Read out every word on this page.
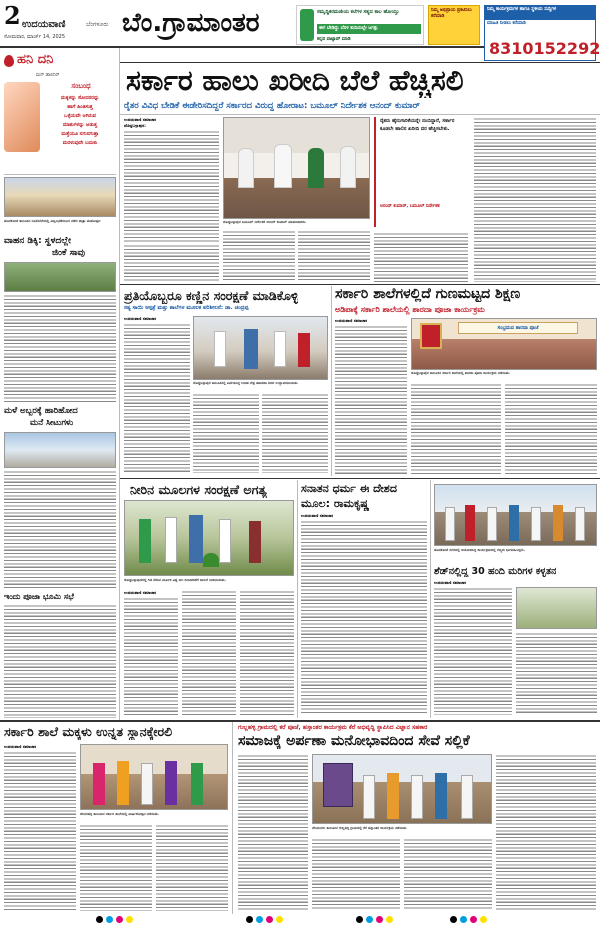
2 ಉದಯವಾಣಿ	ಬೆಂಗಳೂರು
ಸೋಮವಾರ, ಮಾರ್ಚ್ 14, 2025 ಬೆಂ.ಗ್ರಾಮಾಂತರ	ಸಮೃದ್ಧಿಕರಮಣೀಯ ಕಲೆಗಳ ಸತ್ಯದ ಕಾಲ ಹೋಯ್ತು
ಈಗ ಬೇಡಿದ್ದು ಬೆರಳ ತುದಿಯಲ್ಲೇ ಜಗತ್ತು
ಕನ್ನಡ ವಾಟ್ಸಾಪ್ ಮಾಡಿ
ನಿಮ್ಮ ಅಭಿಪ್ರಾಯ ಪ್ರಕಟಿಸಲು ಕರೆಮಾಡಿ
ನಿಮ್ಮ ಕಾರ್ಯಕ್ರಮಗಳ ಹಾಗೂ ಸ್ಥಳೀಯ ಸುದ್ದಿಗಳ
ಮಾಹಿತಿ ನೀಡಲು ಕರೆಮಾಡಿ
8310152292
ಹನಿ ದನಿ
ಮನ್ ಡಾಲಿನಿರ್
ಸಂಬಂಧ
ಮಕ್ಕಳನ್ನು ಸೋದರರನ್ನು
ಹಾಗೆ ಹಿಂತಿಸುತ್ತ
ಒಳ್ಳೆಯದೇ ಆಗಿರುವ
ಮಾತುಗಳನ್ನು ಆಡುತ್ತ
ಮತ್ತೆಯೂ ನಗುನಗುತ್ತಾ
ಮರಳುವುದೇ ಬದುಕು
ಹೊಸಕೋಟೆ ತಾಲೂಕಿನ ಸೂಲಿಬೆಲೆಯಲ್ಲಿ ವಿಜೃಂಭಣೆಯಿಂದ ನಡೆದ ಜಾತ್ರಾ ಮಹೋತ್ಸವ
ವಾಹನ ಡಿಕ್ಕಿ: ಸ್ಥಳದಲ್ಲೇ
ಜಿಂಕೆ ಸಾವು
ಮಳೆ ಅಬ್ಬರಕ್ಕೆ ಹಾರಿಹೋದ
ಮನೆ ಸೀಟುಗಳು
ಇಂದು ಪೂಜಾ ಭೂಮಿ ಸಭೆ
ಸರ್ಕಾರ ಹಾಲು ಖರೀದಿ ಬೆಲೆ ಹೆಚ್ಚಿಸಲಿ
ರೈತರ ವಿವಿಧ ಬೇಡಿಕೆ ಈಡೇರಿಸದಿದ್ದರೆ ಸರ್ಕಾರದ ವಿರುದ್ಧ ಹೋರಾಟ: ಬಮೂಲ್ ನಿರ್ದೇಶಕ ಆನಂದ್ ಕುಮಾರ್
ಉದಯವಾಣಿ ಸಮಾಚಾರ
ದೊಡ್ಡಬಳ್ಳಾಪುರ:
ದೊಡ್ಡಬಳ್ಳಾಪುರ ಬಮೂಲ್ ನಿರ್ದೇಶಕ ಆನಂದ್ ಕುಮಾರ್ ಮಾತನಾಡಿದರು.
ರೈತರು ಹೈನುಗಾರಿಕೆಯನ್ನೇ ನಂಬಿದ್ದಾರೆ, ಸರ್ಕಾರ ಕೂಡಲೇ ಹಾಲಿನ ಖರೀದಿ ದರ ಹೆಚ್ಚಿಸಬೇಕು.
ಆನಂದ್ ಕುಮಾರ್, ಬಮೂಲ್ ನಿರ್ದೇಶಕ
ಪ್ರತಿಯೊಬ್ಬರೂ ಕಣ್ಣಿನ ಸಂರಕ್ಷಣೆ ಮಾಡಿಕೊಳ್ಳಿ
ಸತ್ಯ ಸಾಯಿ ಆಸ್ಪತ್ರೆ ಮತ್ತು ಶಾಲೆಗಳ ಮೂಲಕ ಪರಿಶೀಲನೆ: ಡಾ. ಚಂದ್ರಪ್ಪ
ಉದಯವಾಣಿ ಸಮಾಚಾರ
ದೊಡ್ಡಬಳ್ಳಾಪುರ ತಾಲೂಕಿನಲ್ಲಿ ಏರ್ಪಡಿಸಿದ್ದ ಉಚಿತ ನೇತ್ರ ತಪಾಸಣಾ ಶಿಬಿರ ಉದ್ಘಾಟಿಸಲಾಯಿತು.
ಸರ್ಕಾರಿ ಶಾಲೆಗಳಲ್ಲಿದೆ ಗುಣಮಟ್ಟದ ಶಿಕ್ಷಣ
ಅಡಿಪಾಕ್ಕೆ ಸರ್ಕಾರಿ ಶಾಲೆಯಲ್ಲಿ ಶಾರದಾ ಪೂಜಾ ಕಾರ್ಯಕ್ರಮ
ಉದಯವಾಣಿ ಸಮಾಚಾರ
ಸಂಭ್ರಮದ ಶಾರದಾ ಪೂಜೆ
ದೊಡ್ಡಬಳ್ಳಾಪುರ ತಾಲೂಕಿನ ಸರ್ಕಾರಿ ಶಾಲೆಯಲ್ಲಿ ಶಾರದಾ ಪೂಜಾ ಕಾರ್ಯಕ್ರಮ ನಡೆಯಿತು.
ನೀರಿನ ಮೂಲಗಳ ಸಂರಕ್ಷಣೆ ಅಗತ್ಯ
ದೊಡ್ಡಬಳ್ಳಾಪುರದಲ್ಲಿ ಗಿಡ ನೆಡುವ ಮೂಲಕ ವಿಶ್ವ ಜಲ ದಿನಾಚರಣೆಗೆ ಚಾಲನೆ ನೀಡಲಾಯಿತು.
ಉದಯವಾಣಿ ಸಮಾಚಾರ
ಸನಾತನ ಧರ್ಮ ಈ ದೇಶದ
ಮೂಲ: ರಾಮಕೃಷ್ಣ
ಉದಯವಾಣಿ ಸಮಾಚಾರ
ಹೊಸಕೋಟೆ ನಗರದಲ್ಲಿ ಆಯೋಜಿಸಿದ್ದ ಕಾರ್ಯಕ್ರಮದಲ್ಲಿ ಗಣ್ಯರು ಭಾಗವಹಿಸಿದ್ದರು.
ಶೆಡ್‌ನಲ್ಲಿದ್ದ 30 ಹಂದಿ ಮರಿಗಳ ಕಳ್ಳತನ
ಉದಯವಾಣಿ ಸಮಾಚಾರ
ಸರ್ಕಾರಿ ಶಾಲೆ ಮಕ್ಕಳು ಉನ್ನತ ಸ್ಥಾನಕ್ಕೇರಲಿ
ಉದಯವಾಣಿ ಸಮಾಚಾರ
ದೇವನಹಳ್ಳಿ ತಾಲೂಕಿನ ಸರ್ಕಾರಿ ಶಾಲೆಯಲ್ಲಿ ವಾರ್ಷಿಕೋತ್ಸವ ನಡೆಯಿತು.
ಗುಲ್ಲಹಳ್ಳಿ ಗ್ರಾಮದಲ್ಲಿ ಕರೆ ಪೂಜೆ, ಹಸ್ತಾಂತರ ಕಾರ್ಯಕ್ರಮ ಕೆರೆ ಅಭಿವೃದ್ಧಿ ಸ್ಥಾಪಿಸಿದ ವಿಜ್ಞಾನ ಸಹಕಾರ
ಸಮಾಜಕ್ಕೆ ಅರ್ಪಣಾ ಮನೋಭಾವದಿಂದ ಸೇವೆ ಸಲ್ಲಿಕೆ
ನೆಲಮಂಗಲ ತಾಲೂಕಿನ ಗುಲ್ಲಹಳ್ಳಿ ಗ್ರಾಮದಲ್ಲಿ ಕೆರೆ ಹಸ್ತಾಂತರ ಕಾರ್ಯಕ್ರಮ ನಡೆಯಿತು.
